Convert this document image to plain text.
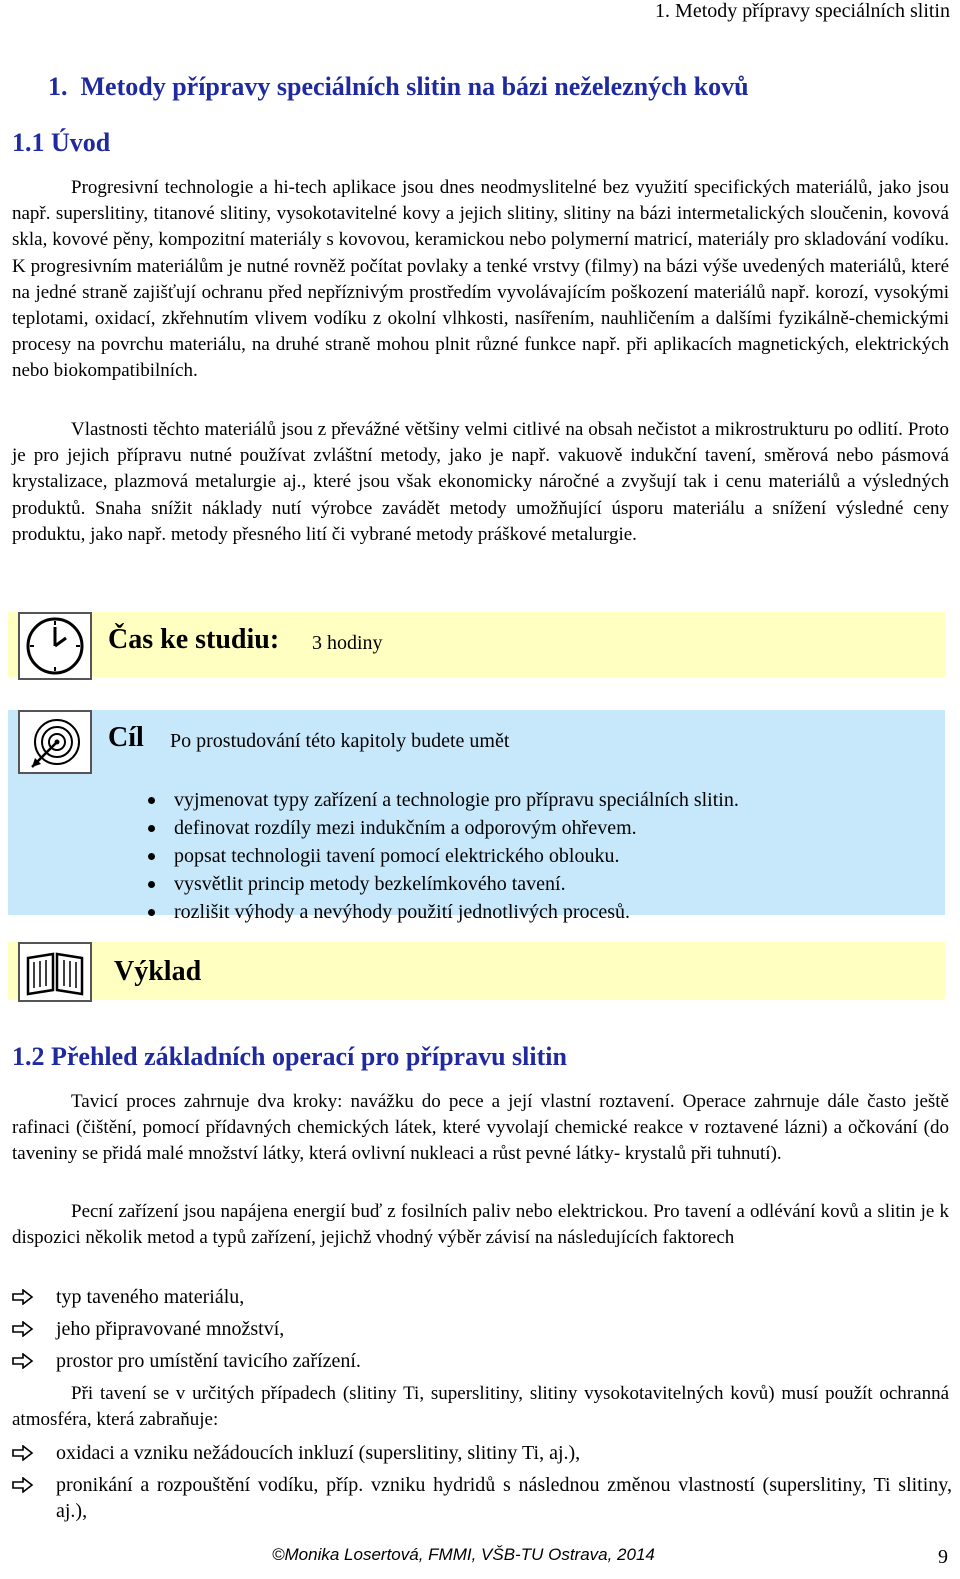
1. Metody přípravy speciálních slitin
1. Metody přípravy speciálních slitin na bázi neželezných kovů
1.1 Úvod

Progresivní technologie a hi-tech aplikace jsou dnes neodmyslitelné bez využití specifických materiálů, jako jsou např. superslitiny, titanové slitiny, vysokotavitelné kovy a jejich slitiny, slitiny na bázi intermetalických sloučenin, kovová skla, kovové pěny, kompozitní materiály s kovovou, keramickou nebo polymerní matricí, materiály pro skladování vodíku. K progresivním materiálům je nutné rovněž počítat povlaky a tenké vrstvy (filmy) na bázi výše uvedených materiálů, které na jedné straně zajišťují ochranu před nepříznivým prostředím vyvolávajícím poškození materiálů např. korozí, vysokými teplotami, oxidací, zkřehnutím vlivem vodíku z okolní vlhkosti, nasířením, nauhličením a dalšími fyzikálně-chemickými procesy na povrchu materiálu, na druhé straně mohou plnit různé funkce např. při aplikacích magnetických, elektrických nebo biokompatibilních.

Vlastnosti těchto materiálů jsou z převážné většiny velmi citlivé na obsah nečistot a mikrostrukturu po odlití. Proto je pro jejich přípravu nutné používat zvláštní metody, jako je např. vakuově indukční tavení, směrová nebo pásmová krystalizace, plazmová metalurgie aj., které jsou však ekonomicky náročné a zvyšují tak i cenu materiálů a výsledných produktů. Snaha snížit náklady nutí výrobce zavádět metody umožňující úsporu materiálu a snížení výsledné ceny produktu, jako např. metody přesného lití či vybrané metody práškové metalurgie.

Čas ke studiu: 3 hodiny
Cíl Po prostudování této kapitoly budete umět
vyjmenovat typy zařízení a technologie pro přípravu speciálních slitin.
definovat rozdíly mezi indukčním a odporovým ohřevem.
popsat technologii tavení pomocí elektrického oblouku.
vysvětlit princip metody bezkelímkového tavení.
rozlišit výhody a nevýhody použití jednotlivých procesů.
Výklad
1.2 Přehled základních operací pro přípravu slitin

Tavicí proces zahrnuje dva kroky: navážku do pece a její vlastní roztavení. Operace zahrnuje dále často ještě rafinaci (čištění, pomocí přídavných chemických látek, které vyvolají chemické reakce v roztavené lázni) a očkování (do taveniny se přidá malé množství látky, která ovlivní nukleaci a růst pevné látky- krystalů při tuhnutí).

Pecní zařízení jsou napájena energií buď z fosilních paliv nebo elektrickou. Pro tavení a odlévání kovů a slitin je k dispozici několik metod a typů zařízení, jejichž vhodný výběr závisí na následujících faktorech

typ taveného materiálu,
jeho připravované množství,
prostor pro umístění tavicího zařízení.

Při tavení se v určitých případech (slitiny Ti, superslitiny, slitiny vysokotavitelných kovů) musí použít ochranná atmosféra, která zabraňuje:

oxidaci a vzniku nežádoucích inkluzí (superslitiny, slitiny Ti, aj.),
pronikání a rozpouštění vodíku, příp. vzniku hydridů s následnou změnou vlastností (superslitiny, Ti slitiny, aj.),
©Monika Losertová, FMMI, VŠB-TU Ostrava, 2014	9
